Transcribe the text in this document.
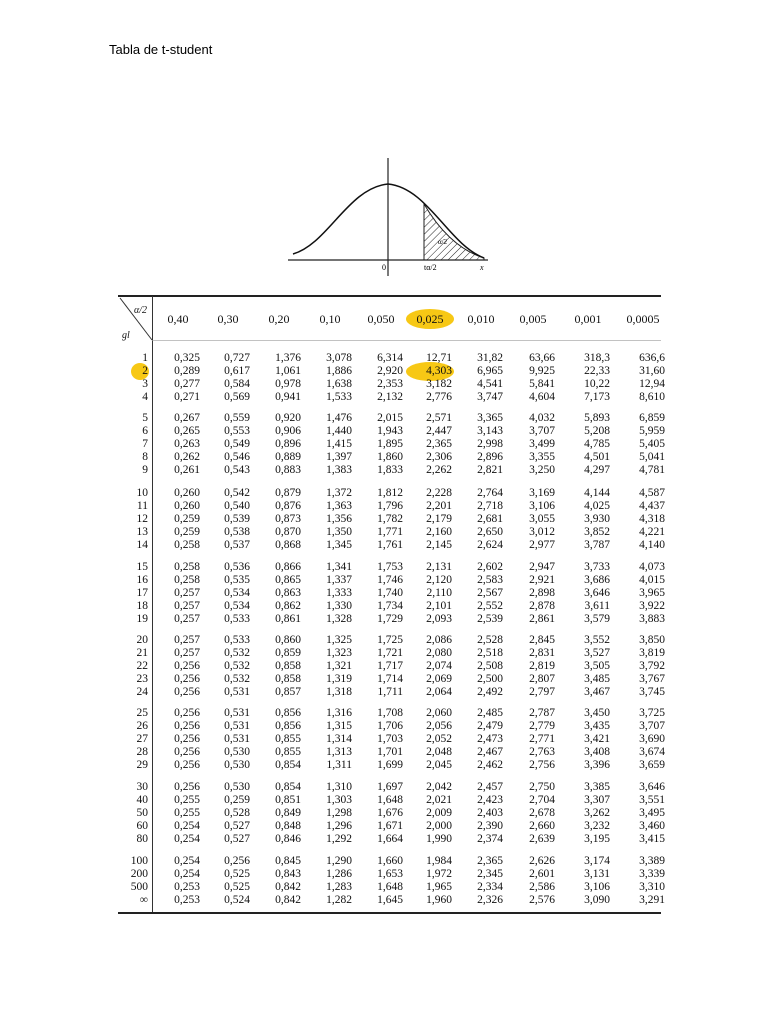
Tabla de t-student
0	tα/2	x
α/2
α/2
gl
0,40	0,30	0,20	0,10	0,050	0,025	0,010	0,005	0,001	0,0005
1	0,325	0,727	1,376	3,078	6,314	12,71	31,82	63,66	318,3	636,6
2	0,289	0,617	1,061	1,886	2,920	4,303	6,965	9,925	22,33	31,60
3	0,277	0,584	0,978	1,638	2,353	3,182	4,541	5,841	10,22	12,94
4	0,271	0,569	0,941	1,533	2,132	2,776	3,747	4,604	7,173	8,610
5	0,267	0,559	0,920	1,476	2,015	2,571	3,365	4,032	5,893	6,859
6	0,265	0,553	0,906	1,440	1,943	2,447	3,143	3,707	5,208	5,959
7	0,263	0,549	0,896	1,415	1,895	2,365	2,998	3,499	4,785	5,405
8	0,262	0,546	0,889	1,397	1,860	2,306	2,896	3,355	4,501	5,041
9	0,261	0,543	0,883	1,383	1,833	2,262	2,821	3,250	4,297	4,781
10	0,260	0,542	0,879	1,372	1,812	2,228	2,764	3,169	4,144	4,587
11	0,260	0,540	0,876	1,363	1,796	2,201	2,718	3,106	4,025	4,437
12	0,259	0,539	0,873	1,356	1,782	2,179	2,681	3,055	3,930	4,318
13	0,259	0,538	0,870	1,350	1,771	2,160	2,650	3,012	3,852	4,221
14	0,258	0,537	0,868	1,345	1,761	2,145	2,624	2,977	3,787	4,140
15	0,258	0,536	0,866	1,341	1,753	2,131	2,602	2,947	3,733	4,073
16	0,258	0,535	0,865	1,337	1,746	2,120	2,583	2,921	3,686	4,015
17	0,257	0,534	0,863	1,333	1,740	2,110	2,567	2,898	3,646	3,965
18	0,257	0,534	0,862	1,330	1,734	2,101	2,552	2,878	3,611	3,922
19	0,257	0,533	0,861	1,328	1,729	2,093	2,539	2,861	3,579	3,883
20	0,257	0,533	0,860	1,325	1,725	2,086	2,528	2,845	3,552	3,850
21	0,257	0,532	0,859	1,323	1,721	2,080	2,518	2,831	3,527	3,819
22	0,256	0,532	0,858	1,321	1,717	2,074	2,508	2,819	3,505	3,792
23	0,256	0,532	0,858	1,319	1,714	2,069	2,500	2,807	3,485	3,767
24	0,256	0,531	0,857	1,318	1,711	2,064	2,492	2,797	3,467	3,745
25	0,256	0,531	0,856	1,316	1,708	2,060	2,485	2,787	3,450	3,725
26	0,256	0,531	0,856	1,315	1,706	2,056	2,479	2,779	3,435	3,707
27	0,256	0,531	0,855	1,314	1,703	2,052	2,473	2,771	3,421	3,690
28	0,256	0,530	0,855	1,313	1,701	2,048	2,467	2,763	3,408	3,674
29	0,256	0,530	0,854	1,311	1,699	2,045	2,462	2,756	3,396	3,659
30	0,256	0,530	0,854	1,310	1,697	2,042	2,457	2,750	3,385	3,646
40	0,255	0,259	0,851	1,303	1,648	2,021	2,423	2,704	3,307	3,551
50	0,255	0,528	0,849	1,298	1,676	2,009	2,403	2,678	3,262	3,495
60	0,254	0,527	0,848	1,296	1,671	2,000	2,390	2,660	3,232	3,460
80	0,254	0,527	0,846	1,292	1,664	1,990	2,374	2,639	3,195	3,415
100	0,254	0,256	0,845	1,290	1,660	1,984	2,365	2,626	3,174	3,389
200	0,254	0,525	0,843	1,286	1,653	1,972	2,345	2,601	3,131	3,339
500	0,253	0,525	0,842	1,283	1,648	1,965	2,334	2,586	3,106	3,310
∞	0,253	0,524	0,842	1,282	1,645	1,960	2,326	2,576	3,090	3,291
